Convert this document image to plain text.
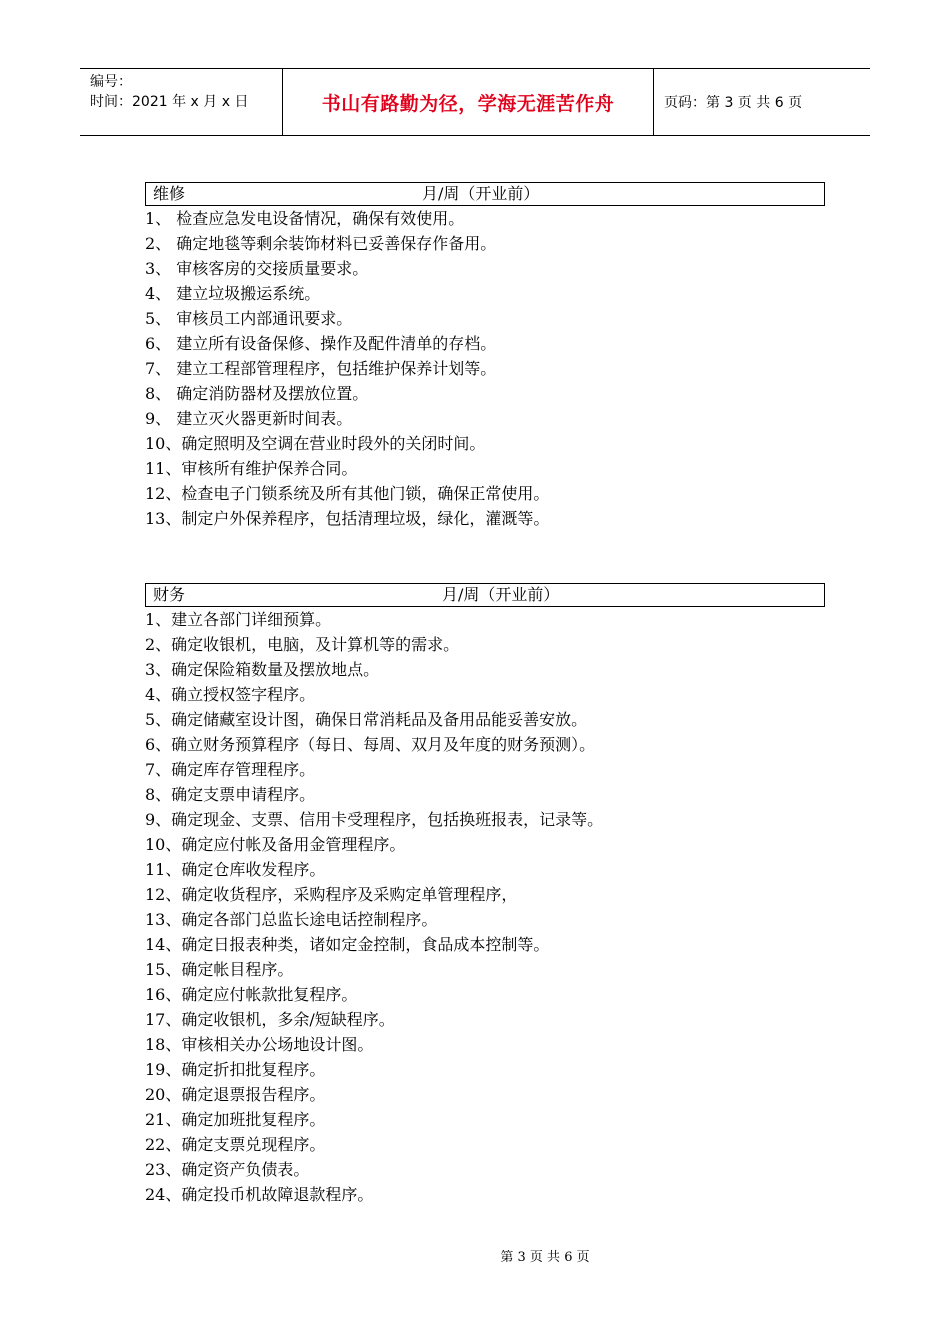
编号：
时间：2021 年 x 月 x 日	书山有路勤为径，学海无涯苦作舟	页码：第 3 页 共 6 页
维修	月/周（开业前）
1、 检查应急发电设备情况，确保有效使用。
2、 确定地毯等剩余装饰材料已妥善保存作备用。
3、 审核客房的交接质量要求。
4、 建立垃圾搬运系统。
5、 审核员工内部通讯要求。
6、 建立所有设备保修、操作及配件清单的存档。
7、 建立工程部管理程序，包括维护保养计划等。
8、 确定消防器材及摆放位置。
9、 建立灭火器更新时间表。
10、确定照明及空调在营业时段外的关闭时间。
11、审核所有维护保养合同。
12、检查电子门锁系统及所有其他门锁，确保正常使用。
13、制定户外保养程序，包括清理垃圾，绿化，灌溉等。
财务	月/周（开业前）
1、建立各部门详细预算。
2、确定收银机，电脑，及计算机等的需求。
3、确定保险箱数量及摆放地点。
4、确立授权签字程序。
5、确定储藏室设计图，确保日常消耗品及备用品能妥善安放。
6、确立财务预算程序（每日、每周、双月及年度的财务预测）。
7、确定库存管理程序。
8、确定支票申请程序。
9、确定现金、支票、信用卡受理程序，包括换班报表，记录等。
10、确定应付帐及备用金管理程序。
11、确定仓库收发程序。
12、确定收货程序，采购程序及采购定单管理程序，
13、确定各部门总监长途电话控制程序。
14、确定日报表种类，诸如定金控制，食品成本控制等。
15、确定帐目程序。
16、确定应付帐款批复程序。
17、确定收银机，多余/短缺程序。
18、审核相关办公场地设计图。
19、确定折扣批复程序。
20、确定退票报告程序。
21、确定加班批复程序。
22、确定支票兑现程序。
23、确定资产负债表。
24、确定投币机故障退款程序。
第 3 页 共 6 页
